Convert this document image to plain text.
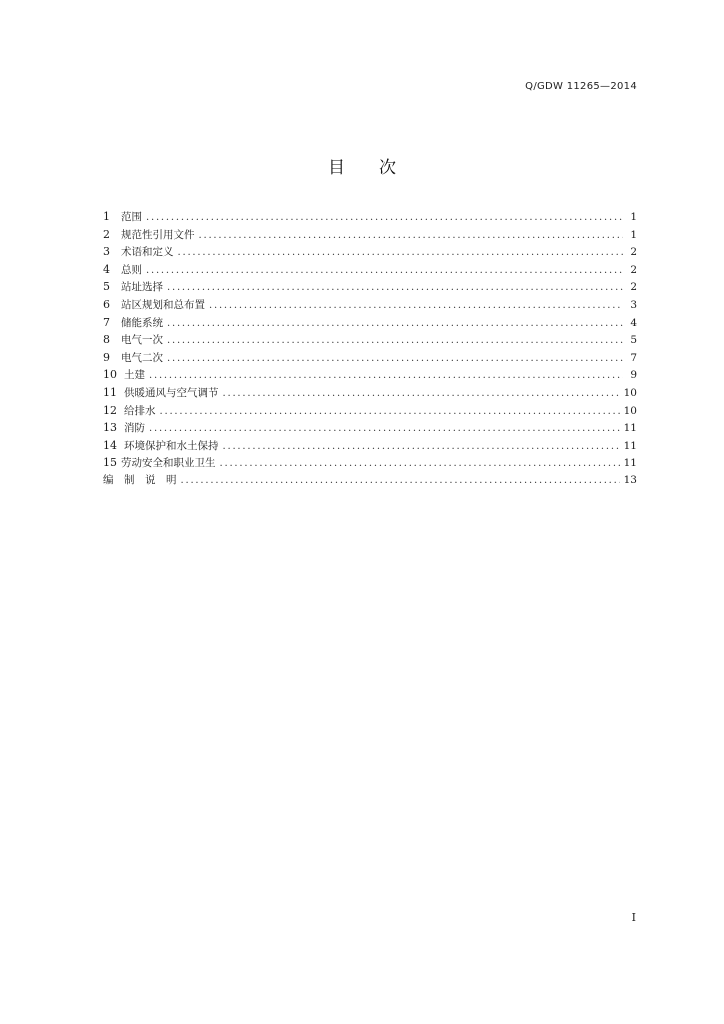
Q/GDW 11265—2014
目 次
1	范围 .....	1
2	规范性引用文件 .....	1
3	术语和定义 .....	2
4	总则 .....	2
5	站址选择 .....	2
6	站区规划和总布置 .....	3
7	储能系统 .....	4
8	电气一次 .....	5
9	电气二次 .....	7
10 土建 .....	9
11 供暖通风与空气调节 .....	10
12 给排水 .....	10
13 消防 .....	11
14 环境保护和水土保持 .....	11
15 劳动安全和职业卫生 .....	11
编　制　说　明 .....	13
I
